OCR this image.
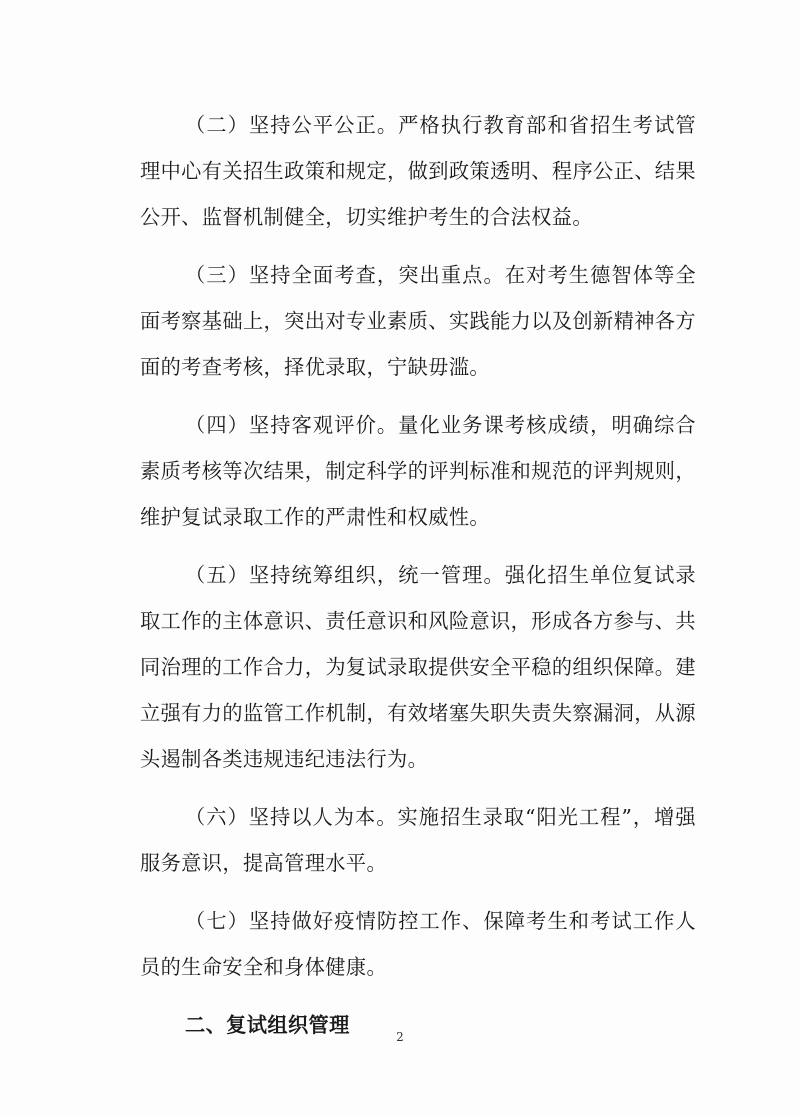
（二）坚持公平公正。严格执行教育部和省招生考试管理中心有关招生政策和规定，做到政策透明、程序公正、结果公开、监督机制健全，切实维护考生的合法权益。

（三）坚持全面考查，突出重点。在对考生德智体等全面考察基础上，突出对专业素质、实践能力以及创新精神各方面的考查考核，择优录取，宁缺毋滥。

（四）坚持客观评价。量化业务课考核成绩，明确综合素质考核等次结果，制定科学的评判标准和规范的评判规则，维护复试录取工作的严肃性和权威性。

（五）坚持统筹组织，统一管理。强化招生单位复试录取工作的主体意识、责任意识和风险意识，形成各方参与、共同治理的工作合力，为复试录取提供安全平稳的组织保障。建立强有力的监管工作机制，有效堵塞失职失责失察漏洞，从源头遏制各类违规违纪违法行为。

（六）坚持以人为本。实施招生录取“阳光工程”，增强服务意识，提高管理水平。

（七）坚持做好疫情防控工作、保障考生和考试工作人员的生命安全和身体健康。

二、复试组织管理	2
